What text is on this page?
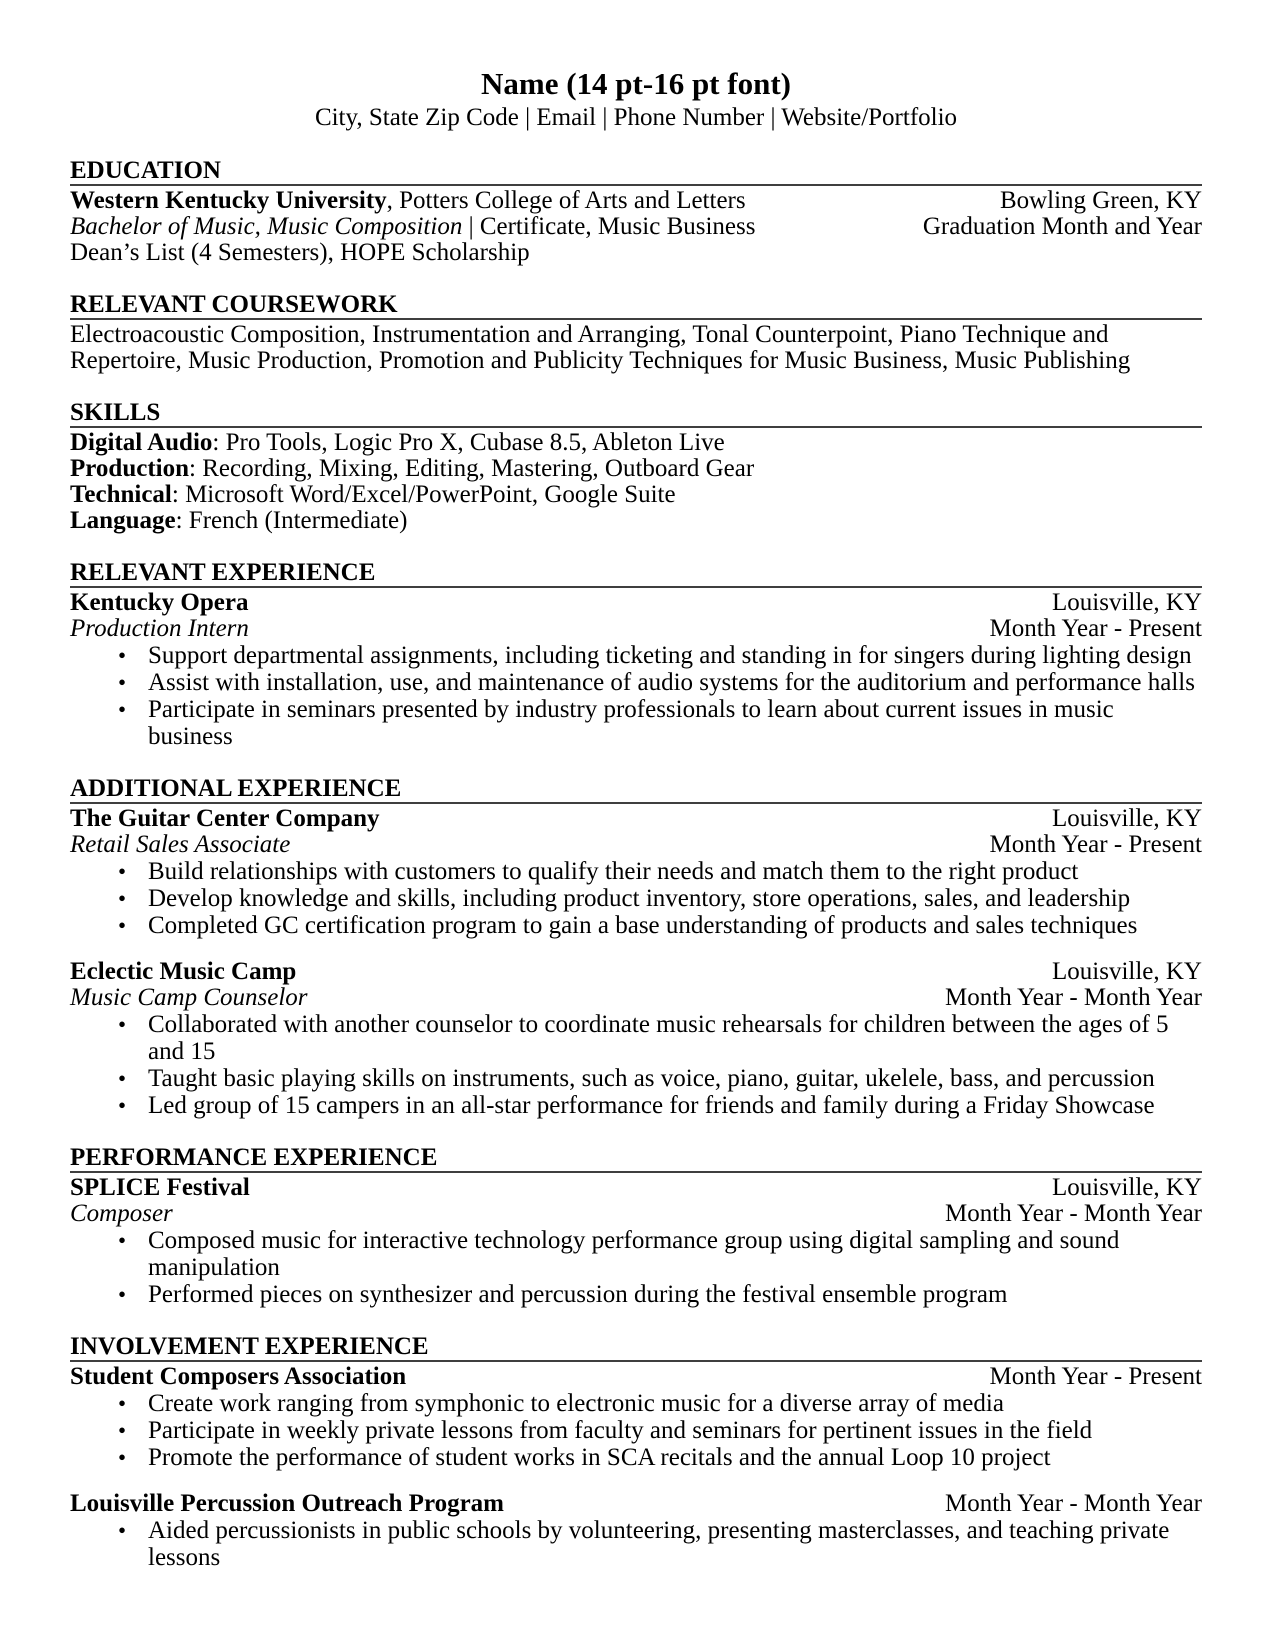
Name (14 pt-16 pt font)
City, State Zip Code | Email | Phone Number | Website/Portfolio
EDUCATION
Western Kentucky University, Potters College of Arts and Letters	Bowling Green, KY
Bachelor of Music, Music Composition | Certificate, Music Business	Graduation Month and Year
Dean’s List (4 Semesters), HOPE Scholarship
RELEVANT COURSEWORK

Electroacoustic Composition, Instrumentation and Arranging, Tonal Counterpoint, Piano Technique and Repertoire, Music Production, Promotion and Publicity Techniques for Music Business, Music Publishing

SKILLS
Digital Audio: Pro Tools, Logic Pro X, Cubase 8.5, Ableton Live
Production: Recording, Mixing, Editing, Mastering, Outboard Gear
Technical: Microsoft Word/Excel/PowerPoint, Google Suite
Language: French (Intermediate)
RELEVANT EXPERIENCE
Kentucky Opera	Louisville, KY
Production Intern	Month Year - Present
• Support departmental assignments, including ticketing and standing in for singers during lighting design
• Assist with installation, use, and maintenance of audio systems for the auditorium and performance halls
• Participate in seminars presented by industry professionals to learn about current issues in music business
ADDITIONAL EXPERIENCE
The Guitar Center Company	Louisville, KY
Retail Sales Associate	Month Year - Present
• Build relationships with customers to qualify their needs and match them to the right product
• Develop knowledge and skills, including product inventory, store operations, sales, and leadership
• Completed GC certification program to gain a base understanding of products and sales techniques
Eclectic Music Camp	Louisville, KY
Music Camp Counselor	Month Year - Month Year
• Collaborated with another counselor to coordinate music rehearsals for children between the ages of 5 and 15
• Taught basic playing skills on instruments, such as voice, piano, guitar, ukelele, bass, and percussion
• Led group of 15 campers in an all-star performance for friends and family during a Friday Showcase
PERFORMANCE EXPERIENCE
SPLICE Festival	Louisville, KY
Composer	Month Year - Month Year
• Composed music for interactive technology performance group using digital sampling and sound manipulation
• Performed pieces on synthesizer and percussion during the festival ensemble program
INVOLVEMENT EXPERIENCE
Student Composers Association	Month Year - Present
• Create work ranging from symphonic to electronic music for a diverse array of media
• Participate in weekly private lessons from faculty and seminars for pertinent issues in the field
• Promote the performance of student works in SCA recitals and the annual Loop 10 project
Louisville Percussion Outreach Program	Month Year - Month Year
• Aided percussionists in public schools by volunteering, presenting masterclasses, and teaching private lessons
